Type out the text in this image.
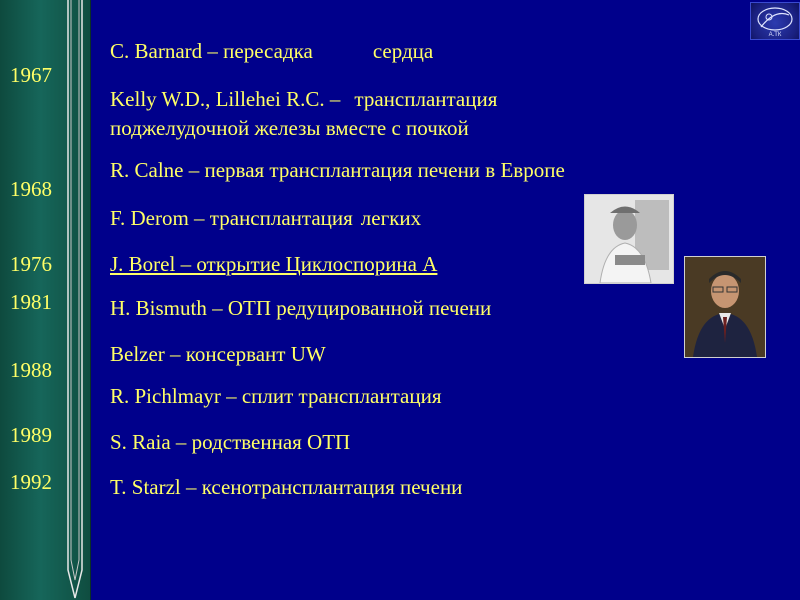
1967
1968
1976
1981
1988
1989
1992
C. Barnard – пересадка	сердца
Kelly W.D., Lillehei R.C. – трансплантация
поджелудочной железы вместе с почкой
R. Calne – первая трансплантация печени в Европе
F. Derom – трансплантация легких
J. Borel – открытие Циклоспорина А
H. Bismuth – ОТП редуцированной печени
Belzer – консервант UW
R. Pichlmayr – сплит трансплантация
S. Raia – родственная ОТП
T. Starzl – ксенотрансплантация печени
А.ТК
